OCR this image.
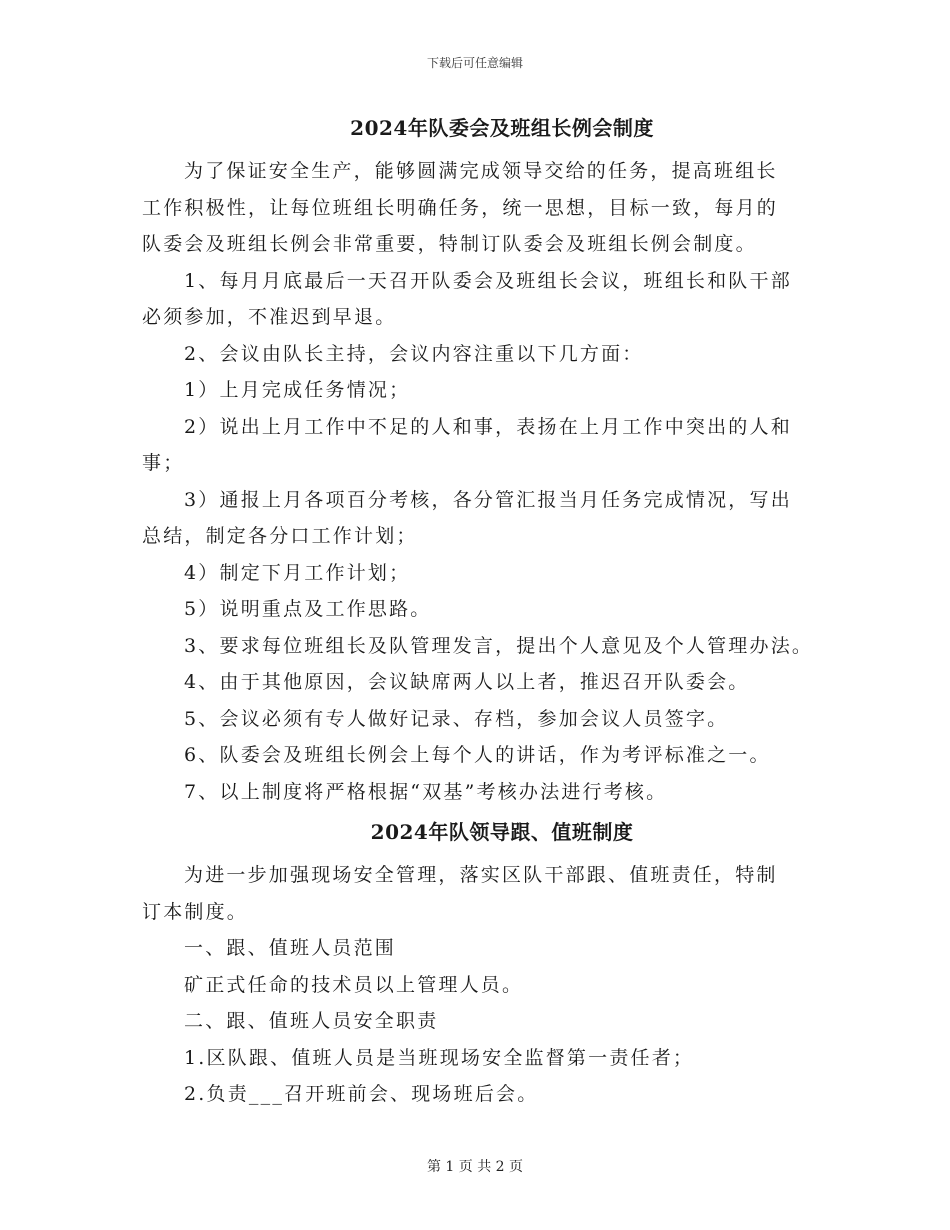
下载后可任意编辑
2024年队委会及班组长例会制度

为了保证安全生产，能够圆满完成领导交给的任务，提高班组长

工作积极性，让每位班组长明确任务，统一思想，目标一致，每月的

队委会及班组长例会非常重要，特制订队委会及班组长例会制度。

1、每月月底最后一天召开队委会及班组长会议，班组长和队干部

必须参加，不准迟到早退。

2、会议由队长主持，会议内容注重以下几方面：

1）上月完成任务情况；

2）说出上月工作中不足的人和事，表扬在上月工作中突出的人和

事；

3）通报上月各项百分考核，各分管汇报当月任务完成情况，写出

总结，制定各分口工作计划；

4）制定下月工作计划；

5）说明重点及工作思路。

3、要求每位班组长及队管理发言，提出个人意见及个人管理办法。

4、由于其他原因，会议缺席两人以上者，推迟召开队委会。

5、会议必须有专人做好记录、存档，参加会议人员签字。

6、队委会及班组长例会上每个人的讲话，作为考评标准之一。

7、以上制度将严格根据“双基”考核办法进行考核。

2024年队领导跟、值班制度

为进一步加强现场安全管理，落实区队干部跟、值班责任，特制

订本制度。

一、跟、值班人员范围

矿正式任命的技术员以上管理人员。

二、跟、值班人员安全职责

1.区队跟、值班人员是当班现场安全监督第一责任者；

2.负责___召开班前会、现场班后会。

第 1 页 共 2 页
